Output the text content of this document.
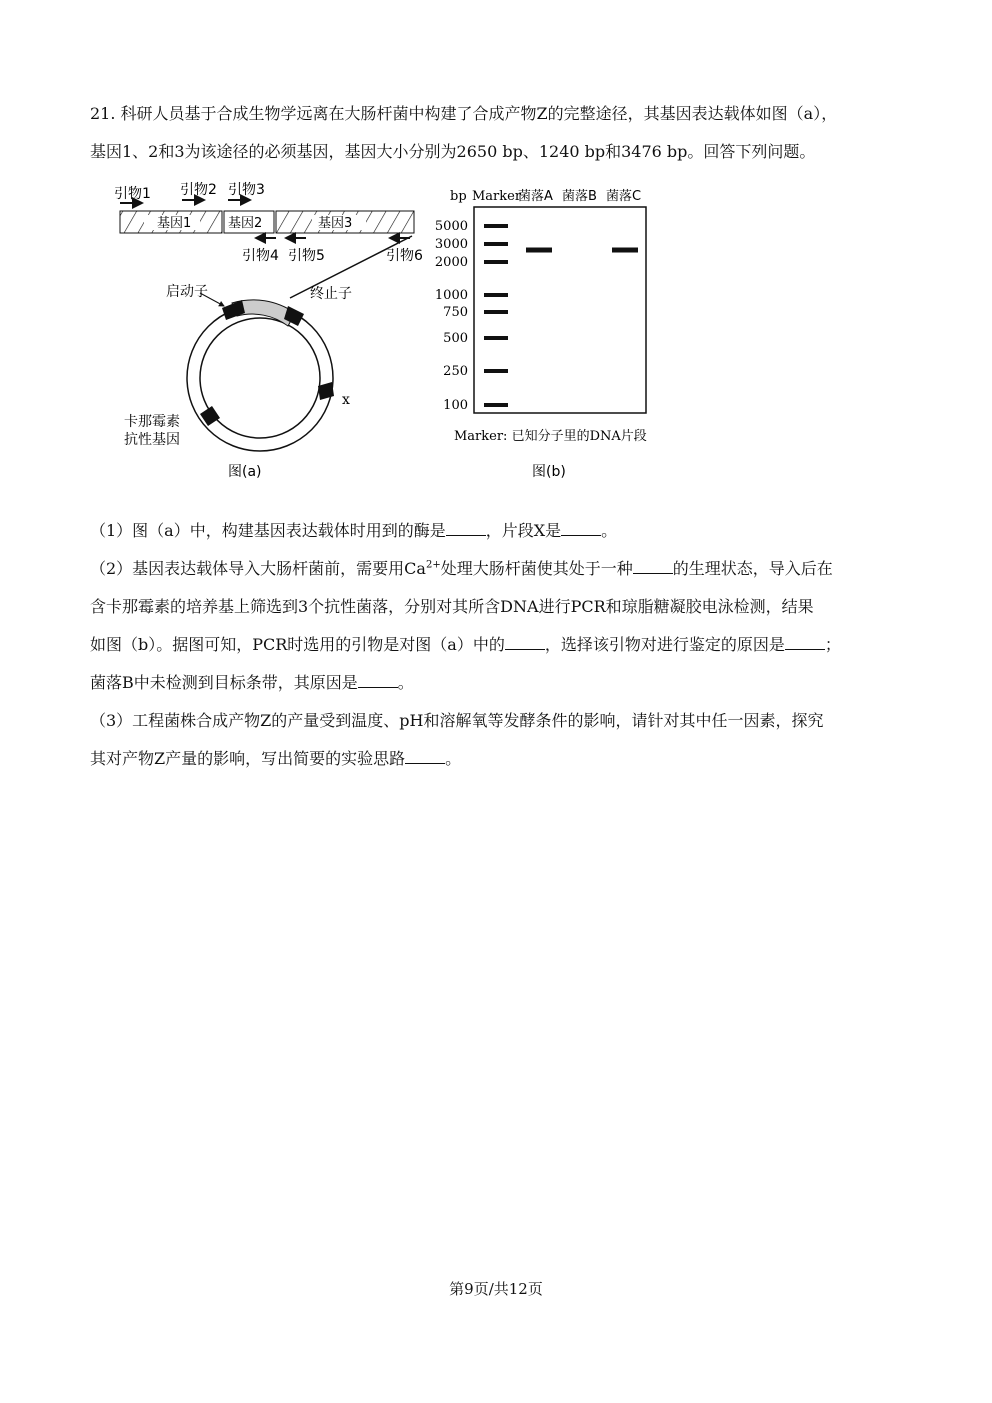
21. 科研人员基于合成生物学远离在大肠杆菌中构建了合成产物Z的完整途径，其基因表达载体如图（a），
基因1、2和3为该途径的必须基因，基因大小分别为2650 bp、1240 bp和3476 bp。回答下列问题。
引物1 引物2 引物3
基因1	基因2	基因3
引物4 引物5	引物6
启动子	终止子
x
卡那霉素
抗性基因
图(a)
bp Marker
菌落A 菌落B 菌落C
5000
3000
2000
1000
750
500
250
100
Marker: 已知分子里的DNA片段
图(b)
（1）图（a）中，构建基因表达载体时用到的酶是	，片段X是	。
（2）基因表达载体导入大肠杆菌前，需要用$Ca^{2+}$处理大肠杆菌使其处于一种	的生理状态，导入后在
含卡那霉素的培养基上筛选到3个抗性菌落，分别对其所含DNA进行PCR和琼脂糖凝胶电泳检测，结果
如图（b）。据图可知，PCR时选用的引物是对图（a）中的	，选择该引物对进行鉴定的原因是	；
菌落B中未检测到目标条带，其原因是	。
（3）工程菌株合成产物Z的产量受到温度、pH和溶解氧等发酵条件的影响，请针对其中任一因素，探究
其对产物Z产量的影响，写出简要的实验思路	。
第9页/共12页
